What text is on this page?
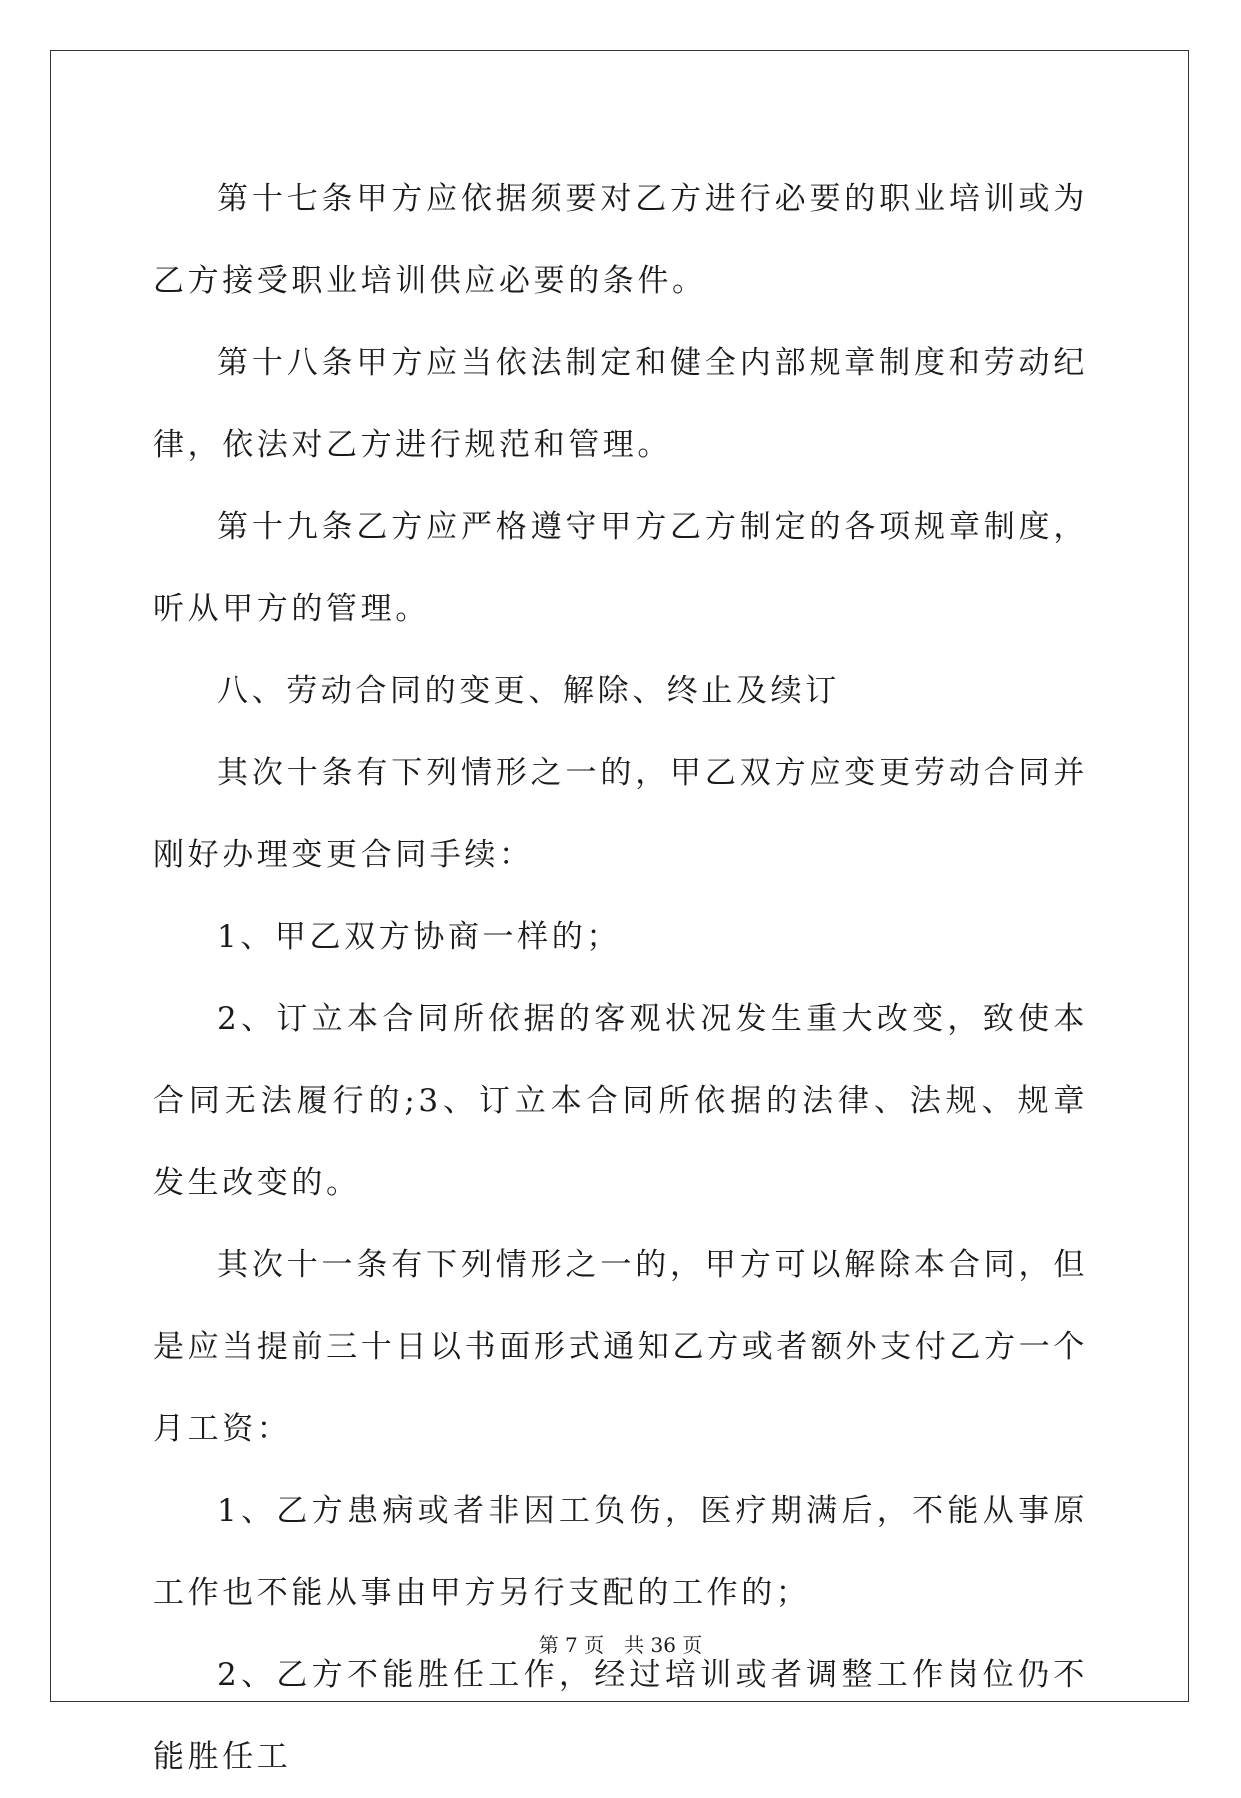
第十七条甲方应依据须要对乙方进行必要的职业培训或为乙方接受职业培训供应必要的条件。

第十八条甲方应当依法制定和健全内部规章制度和劳动纪律，依法对乙方进行规范和管理。

第十九条乙方应严格遵守甲方乙方制定的各项规章制度，听从甲方的管理。

八、劳动合同的变更、解除、终止及续订

其次十条有下列情形之一的，甲乙双方应变更劳动合同并刚好办理变更合同手续：

1、甲乙双方协商一样的；

2、订立本合同所依据的客观状况发生重大改变，致使本合同无法履行的;3、订立本合同所依据的法律、法规、规章发生改变的。

其次十一条有下列情形之一的，甲方可以解除本合同，但是应当提前三十日以书面形式通知乙方或者额外支付乙方一个月工资：

1、乙方患病或者非因工负伤，医疗期满后，不能从事原工作也不能从事由甲方另行支配的工作的；

2、乙方不能胜任工作，经过培训或者调整工作岗位仍不能胜任工

第 7 页　共 36 页
